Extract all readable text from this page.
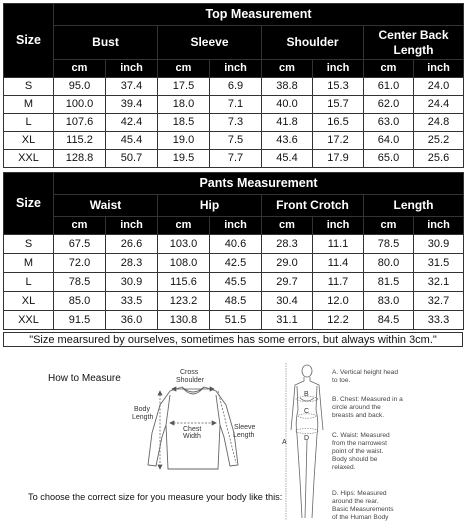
Size	Top Measurement							
	Bust		Sleeve		Shoulder		Center Back Length	
	cm	inch	cm	inch	cm	inch	cm	inch
S	95.0	37.4	17.5	6.9	38.8	15.3	61.0	24.0
M	100.0	39.4	18.0	7.1	40.0	15.7	62.0	24.4
L	107.6	42.4	18.5	7.3	41.8	16.5	63.0	24.8
XL	115.2	45.4	19.0	7.5	43.6	17.2	64.0	25.2
XXL	128.8	50.7	19.5	7.7	45.4	17.9	65.0	25.6
Size	Pants Measurement							
	Waist		Hip		Front Crotch		Length	
	cm	inch	cm	inch	cm	inch	cm	inch
S	67.5	26.6	103.0	40.6	28.3	11.1	78.5	30.9
M	72.0	28.3	108.0	42.5	29.0	11.4	80.0	31.5
L	78.5	30.9	115.6	45.5	29.7	11.7	81.5	32.1
XL	85.0	33.5	123.2	48.5	30.4	12.0	83.0	32.7
XXL	91.5	36.0	130.8	51.5	31.1	12.2	84.5	33.3
"Size mearsured by ourselves, sometimes has some errors, but always within 3cm."
How to Measure
Cross
Shoulder
Body
Length
Chest
Width
Sleeve
Length
To choose the correct size for you measure your body like this:
A
B
C
D
A. Vertical height head
to toe.
B. Chest: Measured in a
circle around the
breasts and back.
C. Waist: Measured
from the narrowest
point of the waist.
Body should be
relaxed.
D. Hips: Measured
around the rear.
Basic Measurements
of the Human Body
